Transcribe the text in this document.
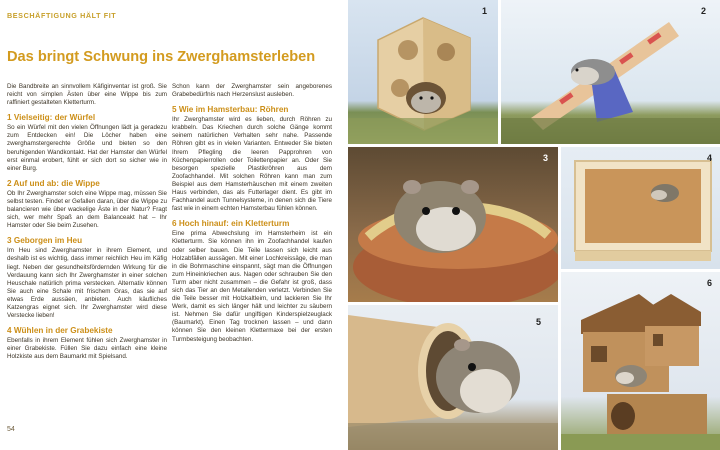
BESCHÄFTIGUNG HÄLT FIT
Das bringt Schwung ins Zwerghamsterleben

Die Bandbreite an sinnvollem Käfiginventar ist groß. Sie reicht von simplen Ästen über eine Wippe bis zum raffiniert gestalteten Kletterturm.

1 Vielseitig: der Würfel

So ein Würfel mit den vielen Öffnungen lädt ja geradezu zum Entdecken ein! Die Löcher haben eine zwerghamstergerechte Größe und bieten so den beruhigenden Wandkontakt. Hat der Hamster den Würfel erst einmal erobert, fühlt er sich dort so sicher wie in einer Burg.

2 Auf und ab: die Wippe

Ob Ihr Zwerghamster solch eine Wippe mag, müssen Sie selbst testen. Findet er Gefallen daran, über die Wippe zu balancieren wie über wackelige Äste in der Natur? Fragt sich, wer mehr Spaß an dem Balanceakt hat – Ihr Hamster oder Sie beim Zusehen.

3 Geborgen im Heu

Im Heu sind Zwerghamster in ihrem Element, und deshalb ist es wichtig, dass immer reichlich Heu im Käfig liegt. Neben der gesundheitsfördernden Wirkung für die Verdauung kann sich Ihr Zwerghamster in einer solchen Heuschale natürlich prima verstecken. Alternativ können Sie auch eine Schale mit frischem Gras, das sie auf etwas Erde aussäen, anbieten. Auch käufliches Katzengras eignet sich. Ihr Zwerghamster wird diese Verstecke lieben!

4 Wühlen in der Grabekiste

Ebenfalls in ihrem Element fühlen sich Zwerghamster in einer Grabekiste. Füllen Sie dazu einfach eine kleine Holzkiste aus dem Baumarkt mit Spielsand.

Schon kann der Zwerghamster sein angeborenes Grabebedürfnis nach Herzenslust ausleben.

5 Wie im Hamsterbau: Röhren

Ihr Zwerghamster wird es lieben, durch Röhren zu krabbeln. Das Kriechen durch solche Gänge kommt seinem natürlichen Verhalten sehr nahe. Passende Röhren gibt es in vielen Varianten. Entweder Sie bieten Ihrem Pflegling die leeren Papprohren von Küchenpapierrollen oder Toilettenpapier an. Oder Sie besorgen spezielle Plastikröhren aus dem Zoofachhandel. Mit solchen Röhren kann man zum Beispiel aus dem Hamsterhäuschen mit einem zweiten Haus verbinden, das als Futterlager dient. Es gibt im Fachhandel auch Tunnelsysteme, in denen sich die Tiere fast wie in einem echten Hamsterbau fühlen können.

6 Hoch hinauf: ein Kletterturm

Eine prima Abwechslung im Hamsterheim ist ein Kletterturm. Sie können ihn im Zoofachhandel kaufen oder selber bauen. Die Teile lassen sich leicht aus Holzabfällen aussägen. Mit einer Lochkreissäge, die man in die Bohrmaschine einspannt, sägt man die Öffnungen zum Hineinkriechen aus. Nagen oder schrauben Sie den Turm aber nicht zusammen – die Gefahr ist groß, dass sich das Tier an den Metallenden verletzt. Verbinden Sie die Teile besser mit Holzkaltleim, und lackieren Sie Ihr Werk, damit es sich länger hält und leichter zu säubern ist. Nehmen Sie dafür ungiftigen Kinderspielzeuglack (Baumarkt). Einen Tag trocknen lassen – und dann können Sie den kleinen Klettermaxe bei der ersten Turmbesteigung beobachten.

54
1	2
3	4
5
6
